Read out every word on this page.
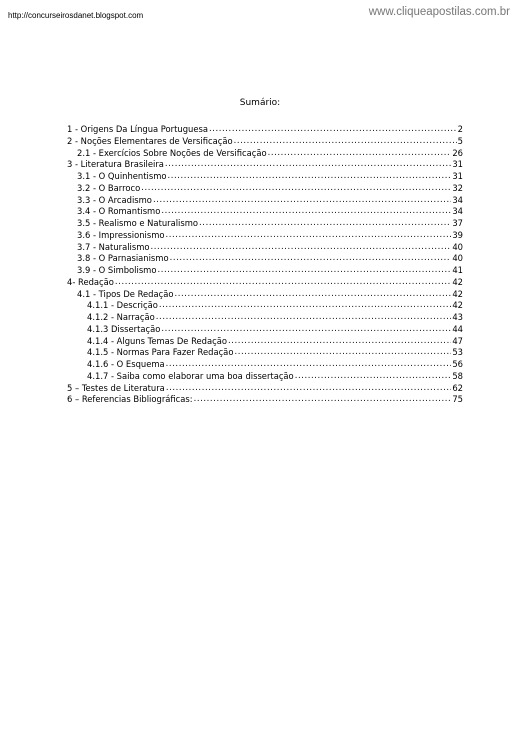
http://concurseirosdanet.blogspot.com	www.cliqueapostilas.com.br
Sumário:
1 - Origens Da Língua Portuguesa .....	2
2 - Noções Elementares de Versificação .....	5
2.1 - Exercícios Sobre Noções de Versificação .....	26
3 - Literatura Brasileira .....	31
3.1 - O Quinhentismo .....	31
3.2 - O Barroco .....	32
3.3 - O Arcadismo .....	34
3.4 - O Romantismo .....	34
3.5 - Realismo e Naturalismo .....	37
3.6 - Impressionismo .....	39
3.7 - Naturalismo .....	40
3.8 - O Parnasianismo .....	40
3.9 - O Simbolismo .....	41
4- Redação .....	42
4.1 - Tipos De Redação .....	42
4.1.1 - Descrição .....	42
4.1.2 - Narração .....	43
4.1.3 Dissertação .....	44
4.1.4 - Alguns Temas De Redação .....	47
4.1.5 - Normas Para Fazer Redação .....	53
4.1.6 - O Esquema .....	56
4.1.7 - Saiba como elaborar uma boa dissertação .....	58
5 – Testes de Literatura .....	62
6 – Referencias Bibliográficas: .....	75
